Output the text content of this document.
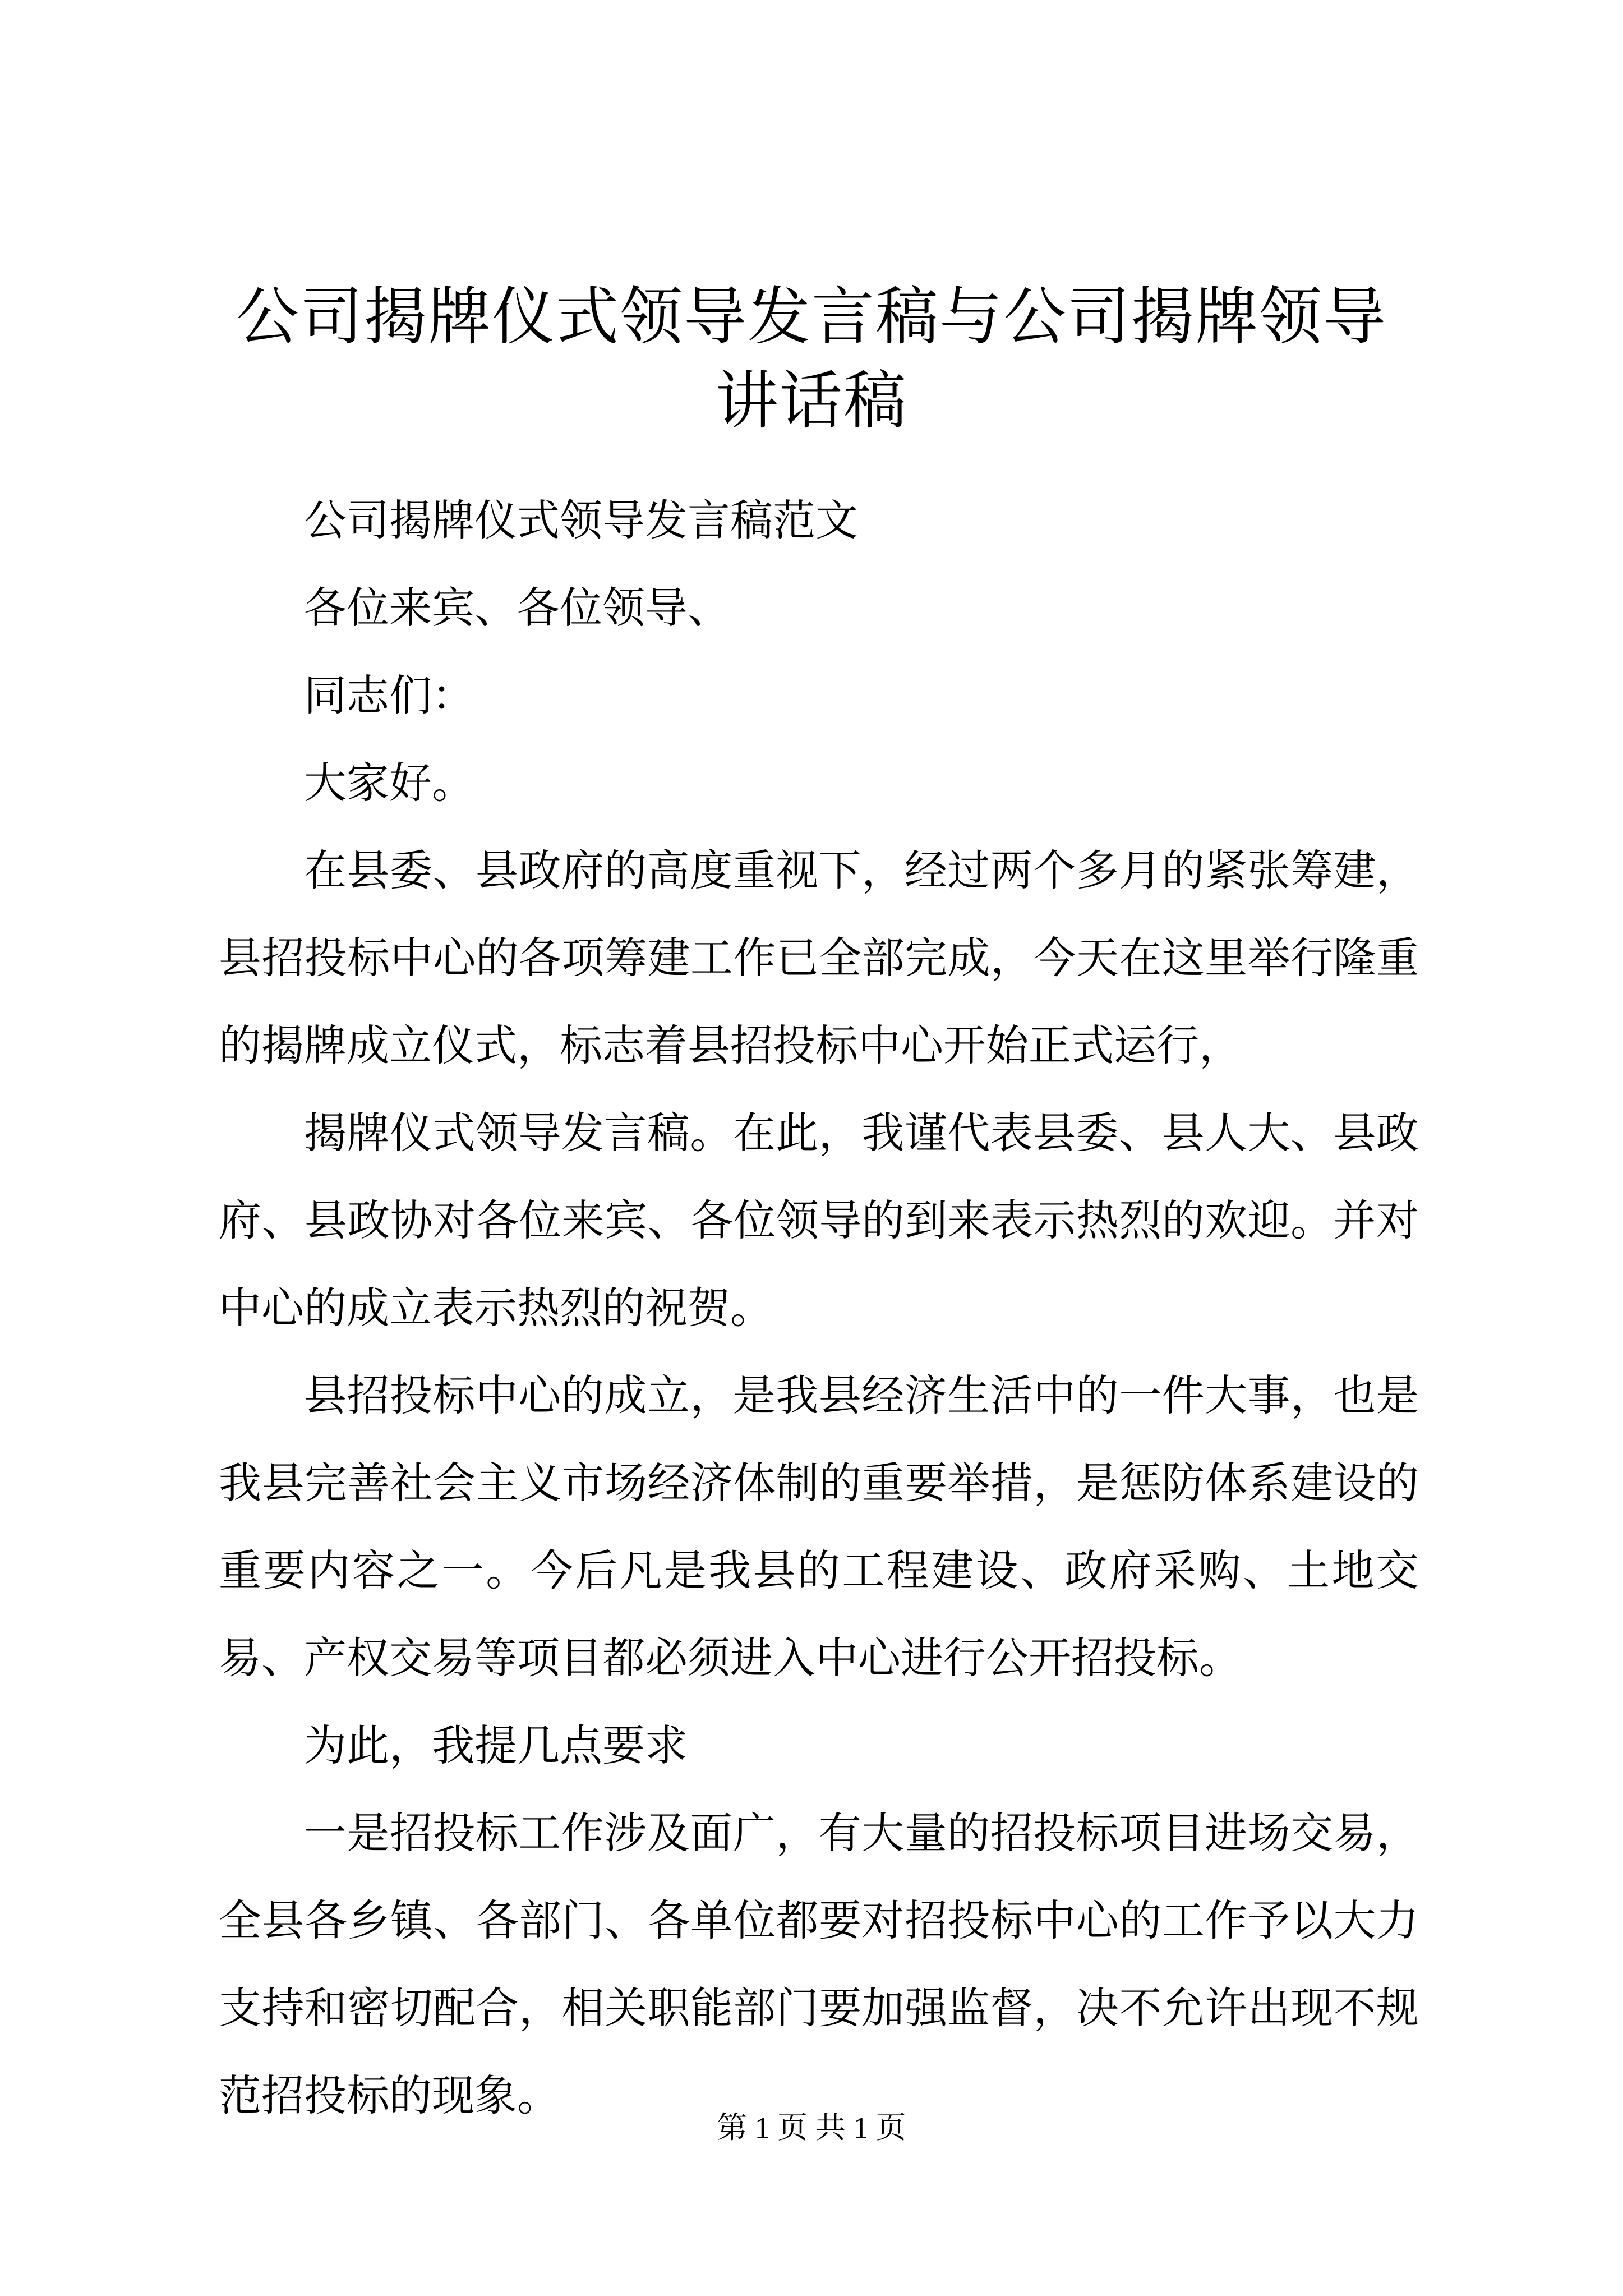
公司揭牌仪式领导发言稿与公司揭牌领导讲话稿

公司揭牌仪式领导发言稿范文

各位来宾、各位领导、

同志们：

大家好。

在县委、县政府的高度重视下，经过两个多月的紧张筹建，县招投标中心的各项筹建工作已全部完成，今天在这里举行隆重的揭牌成立仪式，标志着县招投标中心开始正式运行，

揭牌仪式领导发言稿。在此，我谨代表县委、县人大、县政府、县政协对各位来宾、各位领导的到来表示热烈的欢迎。并对中心的成立表示热烈的祝贺。

县招投标中心的成立，是我县经济生活中的一件大事，也是我县完善社会主义市场经济体制的重要举措，是惩防体系建设的重要内容之一。今后凡是我县的工程建设、政府采购、土地交易、产权交易等项目都必须进入中心进行公开招投标。

为此，我提几点要求

一是招投标工作涉及面广，有大量的招投标项目进场交易，全县各乡镇、各部门、各单位都要对招投标中心的工作予以大力支持和密切配合，相关职能部门要加强监督，决不允许出现不规范招投标的现象。

第 1 页 共 1 页
